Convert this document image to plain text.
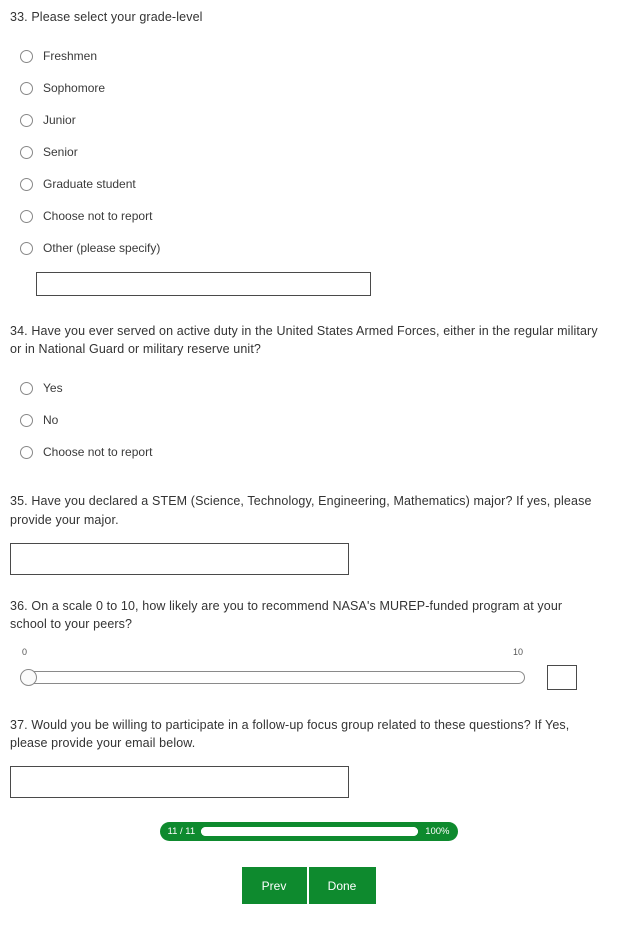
33. Please select your grade-level

Freshmen
Sophomore
Junior
Senior
Graduate student
Choose not to report
Other (please specify)

34. Have you ever served on active duty in the United States Armed Forces, either in the regular military or in National Guard or military reserve unit?

Yes
No
Choose not to report

35. Have you declared a STEM (Science, Technology, Engineering, Mathematics) major? If yes, please provide your major.

36. On a scale 0 to 10, how likely are you to recommend NASA's MUREP-funded program at your school to your peers?

0	10

37. Would you be willing to participate in a follow-up focus group related to these questions? If Yes, please provide your email below.

11 / 11	100%
Prev	Done
